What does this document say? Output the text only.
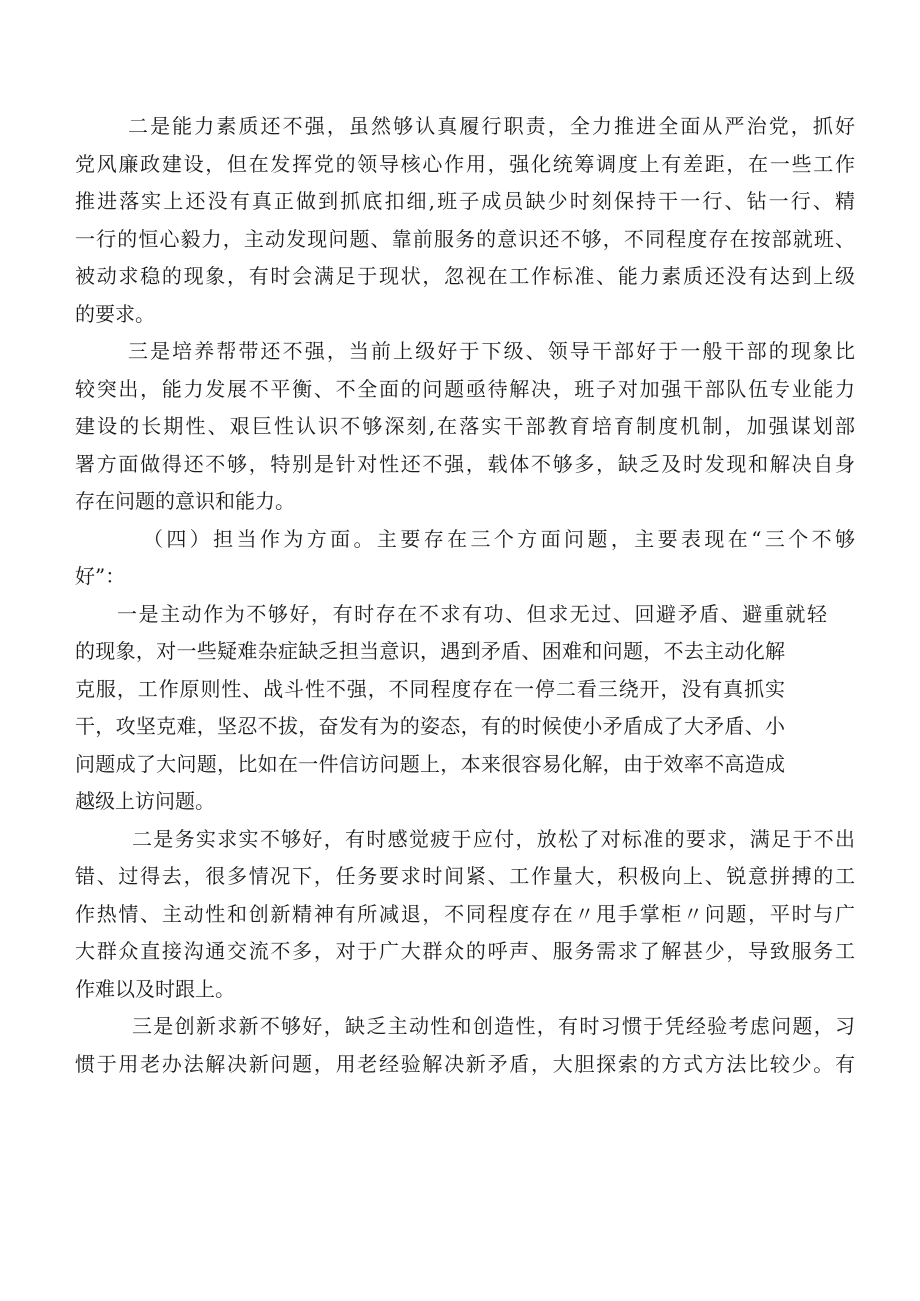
二是能力素质还不强，虽然够认真履行职责，全力推进全面从严治党，抓好
党风廉政建设，但在发挥党的领导核心作用，强化统筹调度上有差距，在一些工作
推进落实上还没有真正做到抓底扣细,班子成员缺少时刻保持干一行、钻一行、精
一行的恒心毅力，主动发现问题、靠前服务的意识还不够，不同程度存在按部就班、
被动求稳的现象，有时会满足于现状，忽视在工作标准、能力素质还没有达到上级
的要求。
三是培养帮带还不强，当前上级好于下级、领导干部好于一般干部的现象比
较突出，能力发展不平衡、不全面的问题亟待解决，班子对加强干部队伍专业能力
建设的长期性、艰巨性认识不够深刻,在落实干部教育培育制度机制，加强谋划部
署方面做得还不够，特别是针对性还不强，载体不够多，缺乏及时发现和解决自身
存在问题的意识和能力。
（四）担当作为方面。主要存在三个方面问题，主要表现在“三个不够
好”：
一是主动作为不够好，有时存在不求有功、但求无过、回避矛盾、避重就轻
的现象，对一些疑难杂症缺乏担当意识，遇到矛盾、困难和问题，不去主动化解
克服，工作原则性、战斗性不强，不同程度存在一停二看三绕开，没有真抓实
干，攻坚克难，坚忍不拔，奋发有为的姿态，有的时候使小矛盾成了大矛盾、小
问题成了大问题，比如在一件信访问题上，本来很容易化解，由于效率不高造成
越级上访问题。
二是务实求实不够好，有时感觉疲于应付，放松了对标准的要求，满足于不出
错、过得去，很多情况下，任务要求时间紧、工作量大，积极向上、锐意拼搏的工
作热情、主动性和创新精神有所减退，不同程度存在〃甩手掌柜〃问题，平时与广
大群众直接沟通交流不多，对于广大群众的呼声、服务需求了解甚少，导致服务工
作难以及时跟上。
三是创新求新不够好，缺乏主动性和创造性，有时习惯于凭经验考虑问题，习
惯于用老办法解决新问题，用老经验解决新矛盾，大胆探索的方式方法比较少。有
